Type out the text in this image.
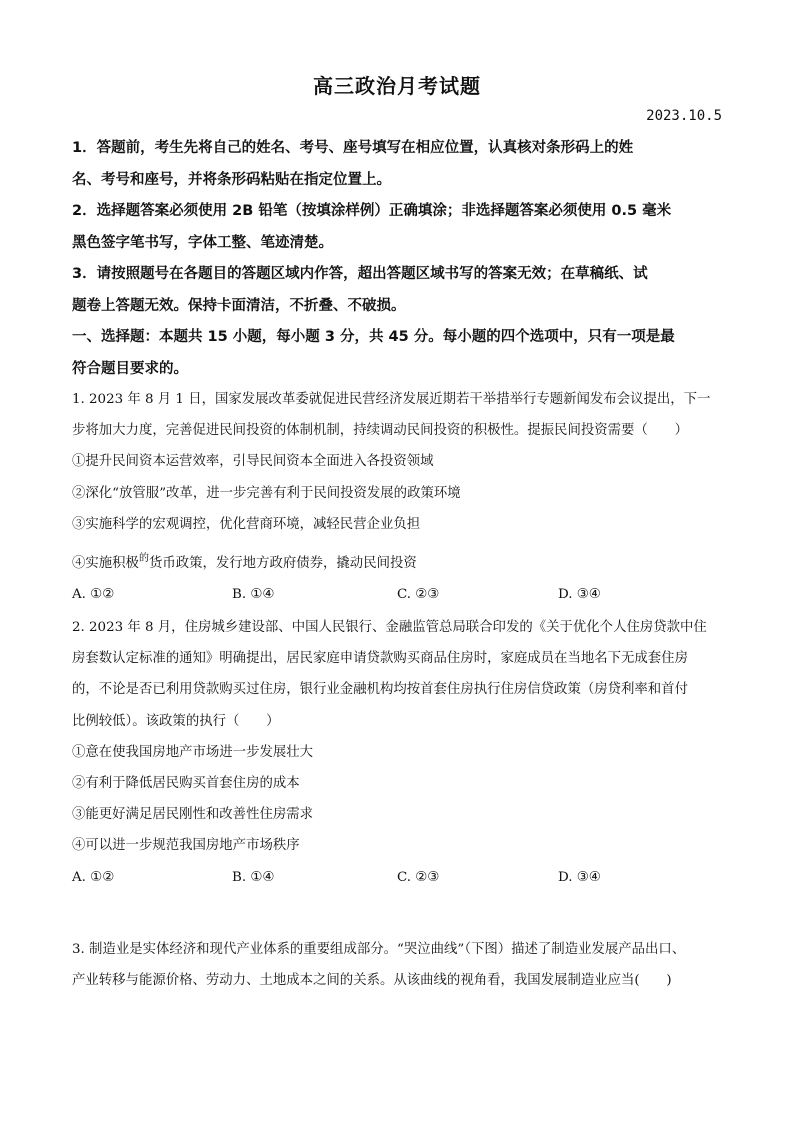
高三政治月考试题
2023.10.5
1．答题前，考生先将自己的姓名、考号、座号填写在相应位置，认真核对条形码上的姓
名、考号和座号，并将条形码粘贴在指定位置上。
2．选择题答案必须使用 2B 铅笔（按填涂样例）正确填涂；非选择题答案必须使用 0.5 毫米
黑色签字笔书写，字体工整、笔迹清楚。
3．请按照题号在各题目的答题区域内作答，超出答题区域书写的答案无效；在草稿纸、试
题卷上答题无效。保持卡面清洁，不折叠、不破损。
一、选择题：本题共 15 小题，每小题 3 分，共 45 分。每小题的四个选项中，只有一项是最
符合题目要求的。
1. 2023 年 8 月 1 日，国家发展改革委就促进民营经济发展近期若干举措举行专题新闻发布会议提出，下一
步将加大力度，完善促进民间投资的体制机制，持续调动民间投资的积极性。提振民间投资需要（　　）
①提升民间资本运营效率，引导民间资本全面进入各投资领域
②深化“放管服”改革，进一步完善有利于民间投资发展的政策环境
③实施科学的宏观调控，优化营商环境，减轻民营企业负担
④实施积极$^的$货币政策，发行地方政府债券，撬动民间投资
A. ①②	B. ①④	C. ②③	D. ③④
2. 2023 年 8 月，住房城乡建设部、中国人民银行、金融监管总局联合印发的《关于优化个人住房贷款中住
房套数认定标准的通知》明确提出，居民家庭申请贷款购买商品住房时，家庭成员在当地名下无成套住房
的，不论是否已利用贷款购买过住房，银行业金融机构均按首套住房执行住房信贷政策（房贷利率和首付
比例较低）。该政策的执行（　　）
①意在使我国房地产市场进一步发展壮大
②有利于降低居民购买首套住房的成本
③能更好满足居民刚性和改善性住房需求
④可以进一步规范我国房地产市场秩序
A. ①②	B. ①④	C. ②③	D. ③④
3. 制造业是实体经济和现代产业体系的重要组成部分。“哭泣曲线”（下图）描述了制造业发展产品出口、
产业转移与能源价格、劳动力、土地成本之间的关系。从该曲线的视角看，我国发展制造业应当(　　)
